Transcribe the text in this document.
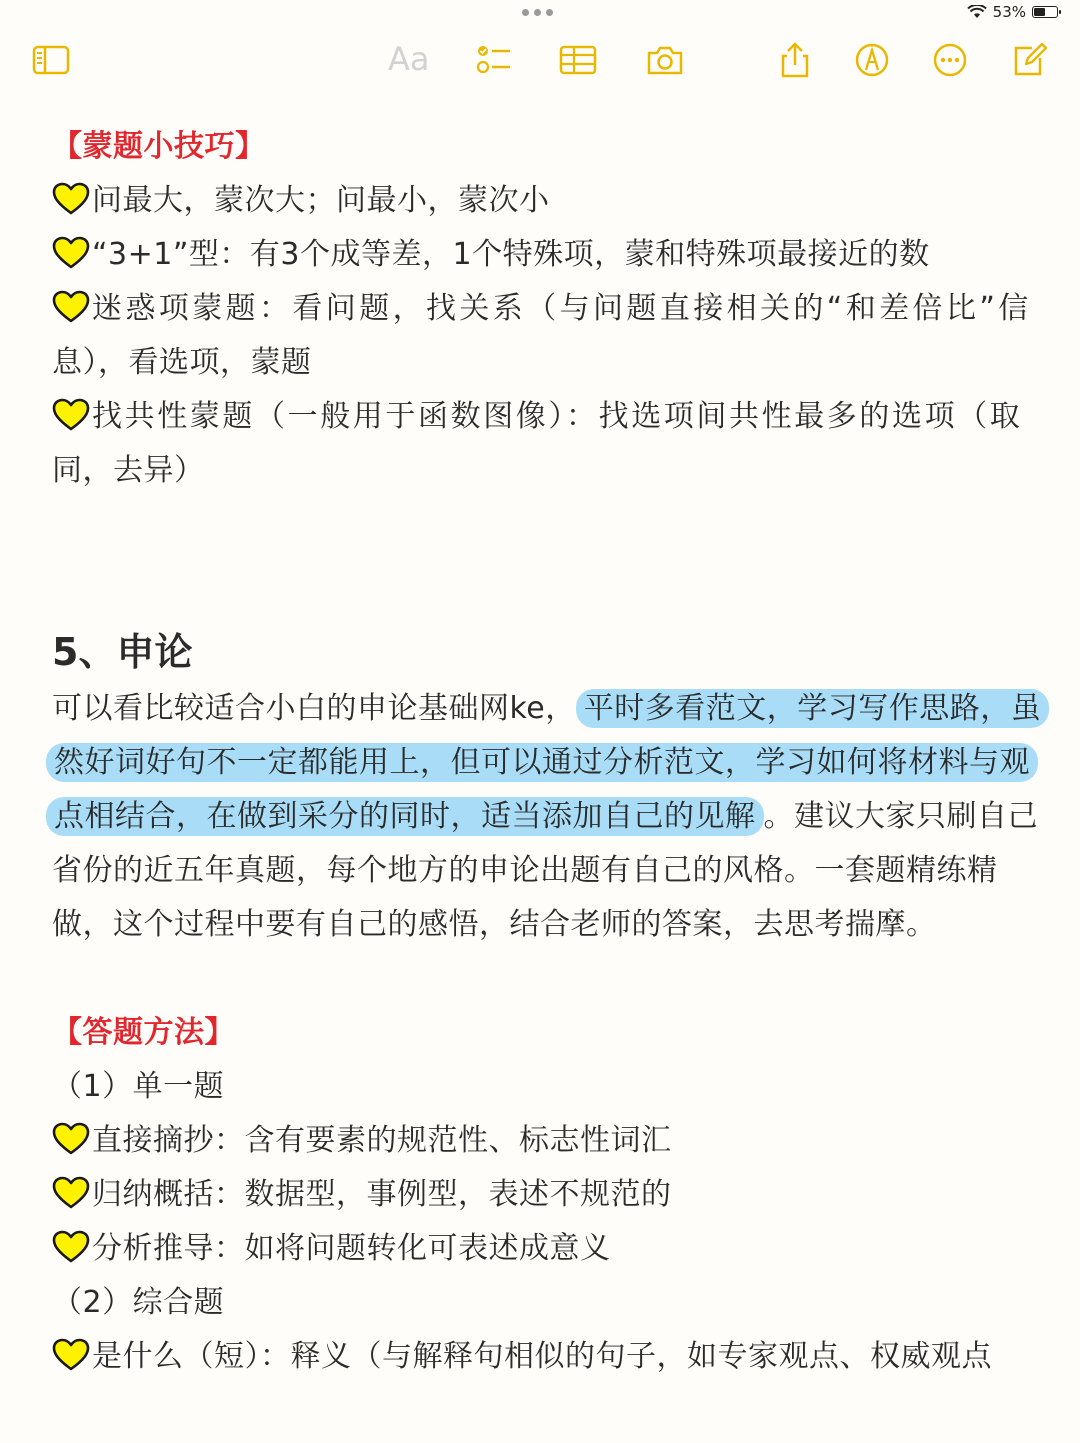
53%
Aa
【蒙题小技巧】
问最大，蒙次大；问最小，蒙次小
“3+1”型：有3个成等差，1个特殊项，蒙和特殊项最接近的数
迷惑项蒙题：看问题，找关系（与问题直接相关的“和差倍比”信
息），看选项，蒙题
找共性蒙题（一般用于函数图像）：找选项间共性最多的选项（取
同，去异）
5、申论
可以看比较适合小白的申论基础网ke， 平时多看范文，学习写作思路，虽
然好词好句不一定都能用上，但可以通过分析范文，学习如何将材料与观
点相结合，在做到采分的同时，适当添加自己的见解 。建议大家只刷自己
省份的近五年真题，每个地方的申论出题有自己的风格。一套题精练精
做，这个过程中要有自己的感悟，结合老师的答案，去思考揣摩。
【答题方法】
（1）单一题
直接摘抄：含有要素的规范性、标志性词汇
归纳概括：数据型，事例型，表述不规范的
分析推导：如将问题转化可表述成意义
（2）综合题
是什么（短）：释义（与解释句相似的句子，如专家观点、权威观点
